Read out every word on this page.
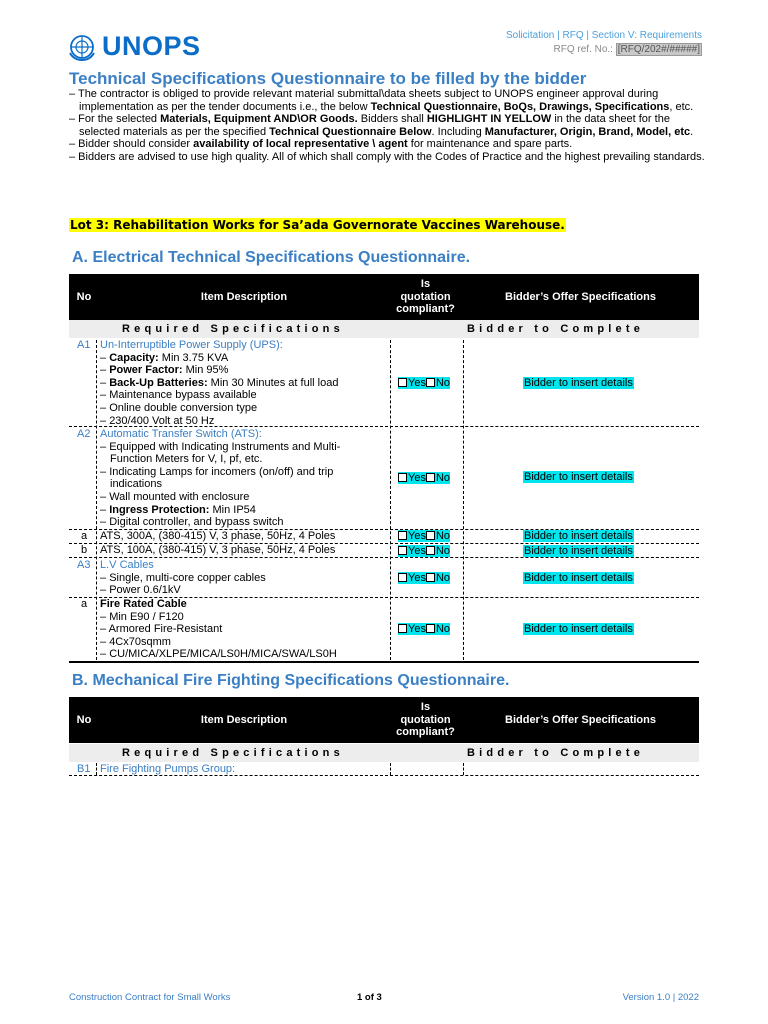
UNOPS	Solicitation | RFQ | Section V: Requirements
RFQ ref. No.: [RFQ/202#/#####]
Technical Specifications Questionnaire to be filled by the bidder

– The contractor is obliged to provide relevant material submittal\data sheets subject to UNOPS engineer approval during implementation as per the tender documents i.e., the below Technical Questionnaire, BoQs, Drawings, Specifications, etc.

– For the selected Materials, Equipment AND\OR Goods. Bidders shall HIGHLIGHT IN YELLOW in the data sheet for the selected materials as per the specified Technical Questionnaire Below. Including Manufacturer, Origin, Brand, Model, etc.

– Bidder should consider availability of local representative \ agent for maintenance and spare parts.

– Bidders are advised to use high quality. All of which shall comply with the Codes of Practice and the highest prevailing standards.

Lot 3: Rehabilitation Works for Sa’ada Governorate Vaccines Warehouse.
A. Electrical Technical Specifications Questionnaire.
No	Item Description
Is
quotation
compliant?
Bidder’s Offer Specifications
Required Specifications	Bidder to Complete
A1 Un-Interruptible Power Supply (UPS):
– Capacity: Min 3.75 KVA
– Power Factor: Min 95%
– Back-Up Batteries: Min 30 Minutes at full load
– Maintenance bypass available
– Online double conversion type
– 230/400 Volt at 50 Hz
Yes No	Bidder to insert details
A2 Automatic Transfer Switch (ATS):
– Equipped with Indicating Instruments and Multi-Function Meters for V, I, pf, etc.
– Indicating Lamps for incomers (on/off) and trip indications
– Wall mounted with enclosure
– Ingress Protection: Min IP54
– Digital controller, and bypass switch
Yes No	Bidder to insert details
a ATS, 300A, (380-415) V, 3 phase, 50Hz, 4 Poles	Yes No	Bidder to insert details
b ATS, 100A, (380-415) V, 3 phase, 50Hz, 4 Poles	Yes No	Bidder to insert details
A3 L.V Cables
– Single, multi-core copper cables
– Power 0.6/1kV
Yes No	Bidder to insert details
a Fire Rated Cable
– Min E90 / F120
– Armored Fire-Resistant
– 4Cx70sqmm
– CU/MICA/XLPE/MICA/LS0H/MICA/SWA/LS0H
Yes No	Bidder to insert details
B. Mechanical Fire Fighting Specifications Questionnaire.
No	Item Description
Is
quotation
compliant?
Bidder’s Offer Specifications
Required Specifications	Bidder to Complete
B1 Fire Fighting Pumps Group:
Construction Contract for Small Works	1 of 3	Version 1.0 | 2022
